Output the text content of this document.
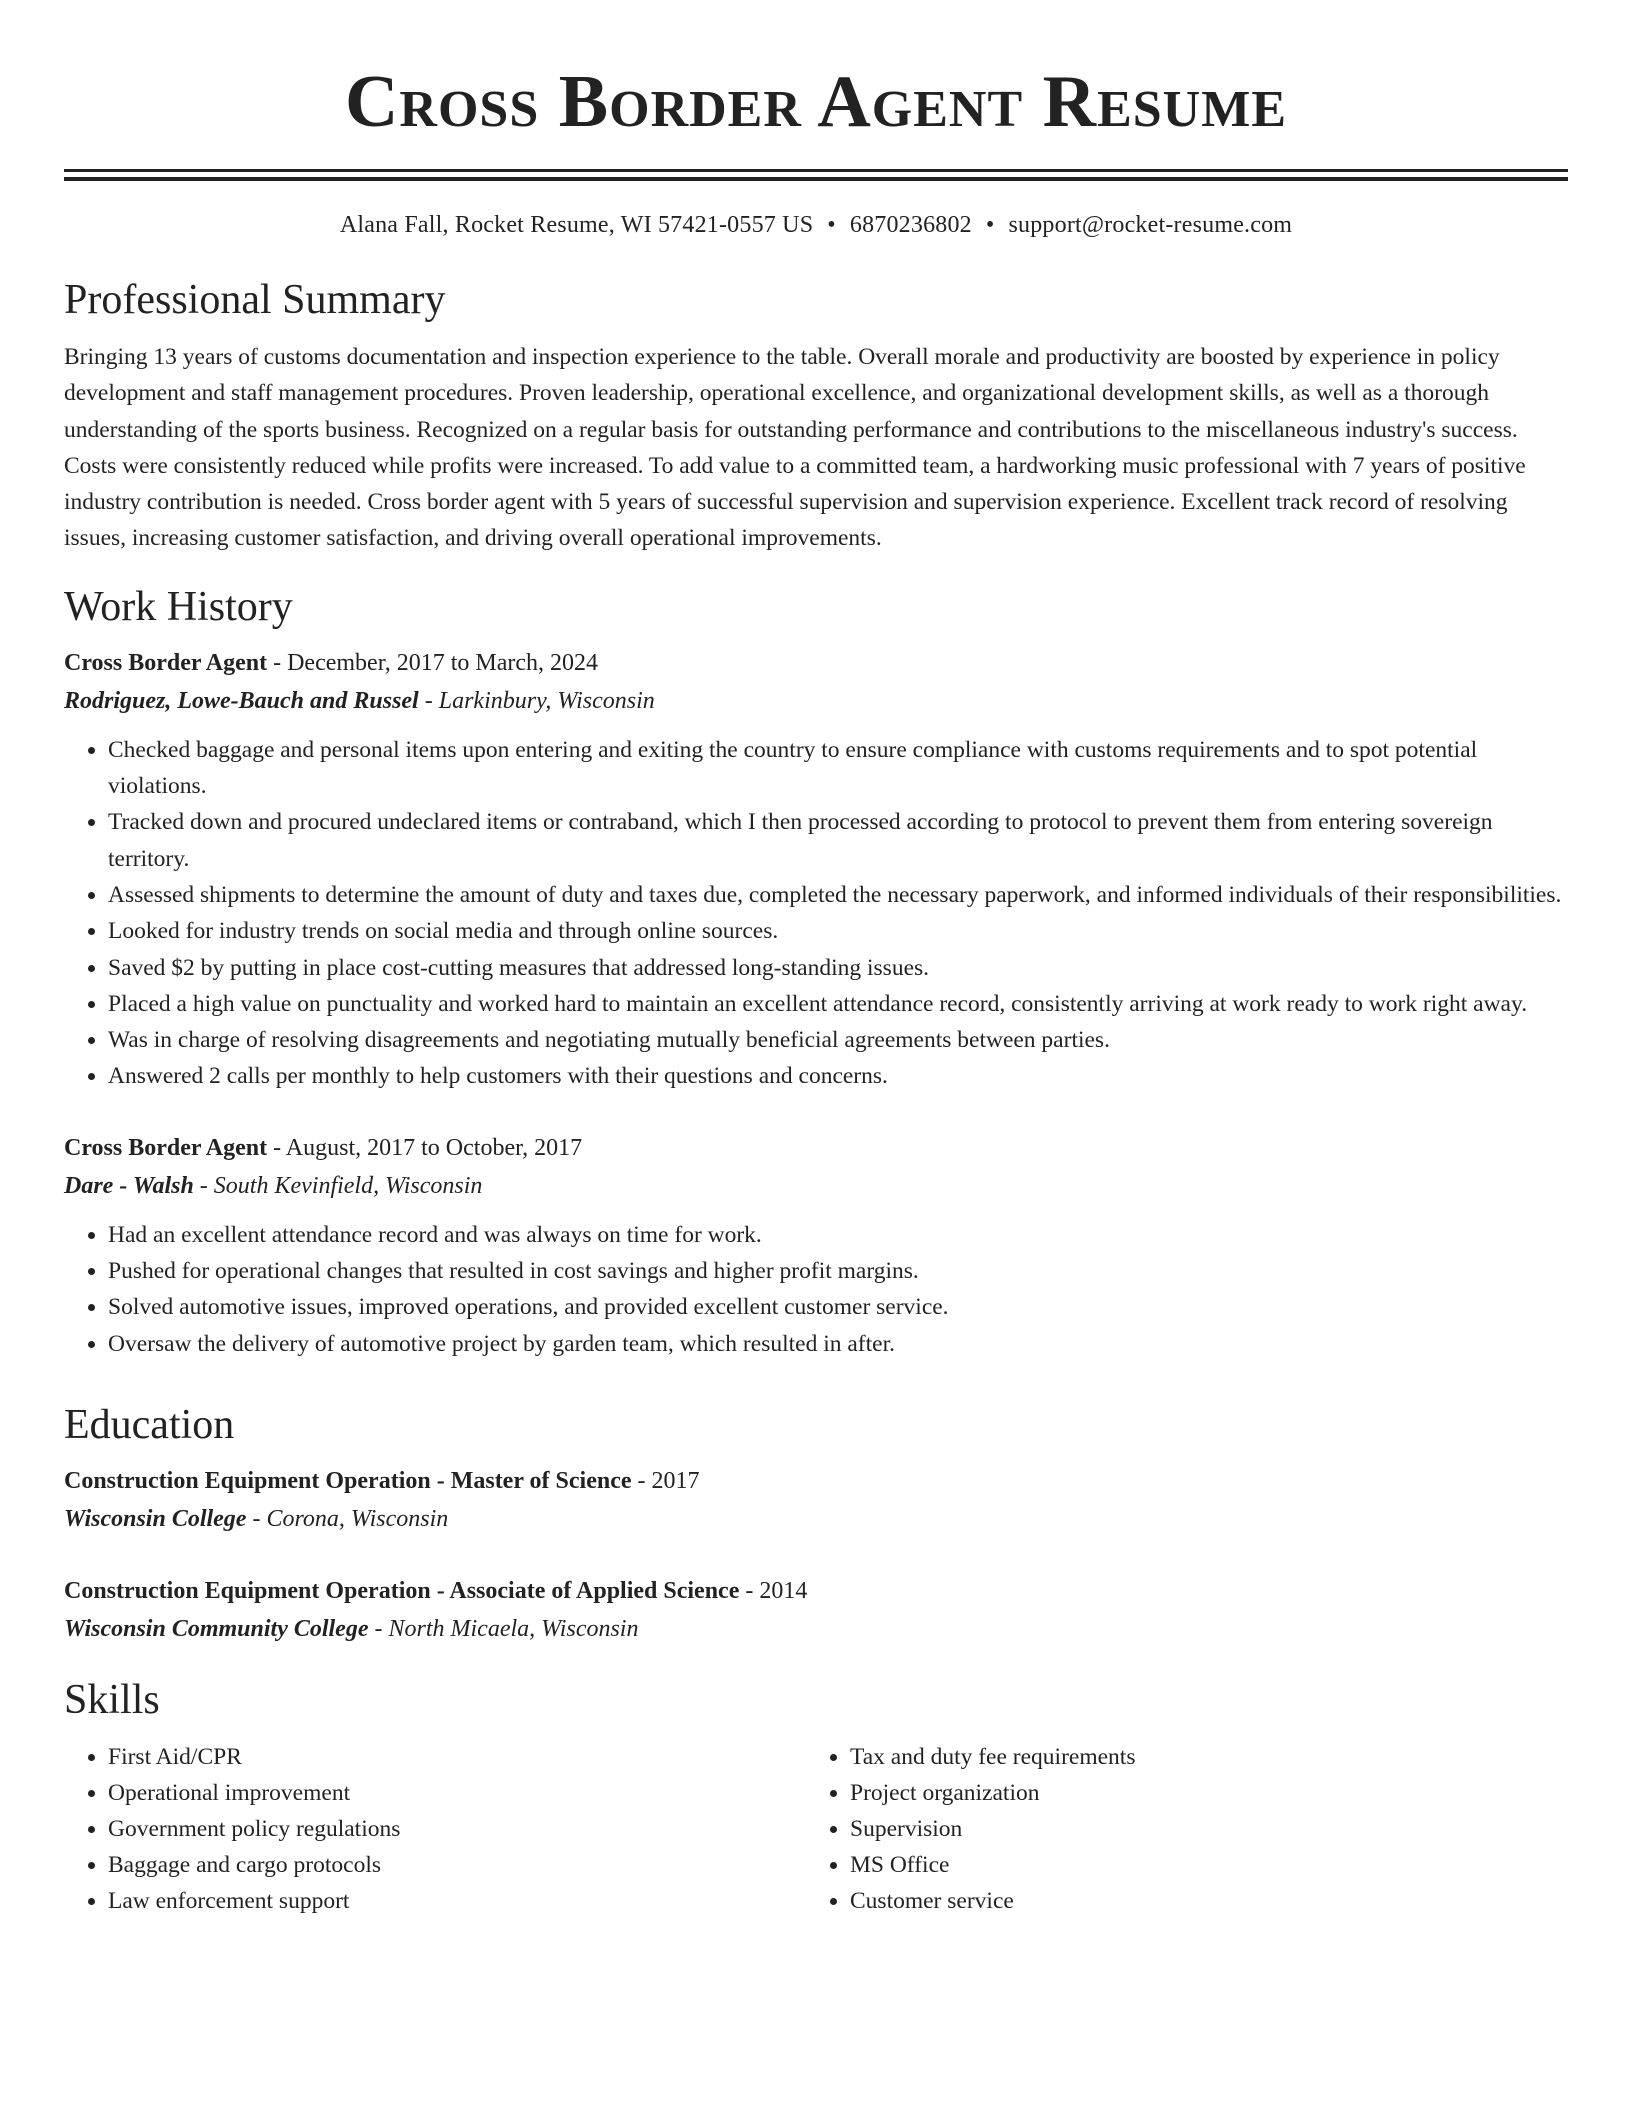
Cross Border Agent Resume
Alana Fall, Rocket Resume, WI 57421-0557 US • 6870236802 • support@rocket-resume.com
Professional Summary

Bringing 13 years of customs documentation and inspection experience to the table. Overall morale and productivity are boosted by experience in policy development and staff management procedures. Proven leadership, operational excellence, and organizational development skills, as well as a thorough understanding of the sports business. Recognized on a regular basis for outstanding performance and contributions to the miscellaneous industry's success. Costs were consistently reduced while profits were increased. To add value to a committed team, a hardworking music professional with 7 years of positive industry contribution is needed. Cross border agent with 5 years of successful supervision and supervision experience. Excellent track record of resolving issues, increasing customer satisfaction, and driving overall operational improvements.

Work History
Cross Border Agent - December, 2017 to March, 2024
Rodriguez, Lowe-Bauch and Russel - Larkinbury, Wisconsin
• Checked baggage and personal items upon entering and exiting the country to ensure compliance with customs requirements and to spot potential violations.
• Tracked down and procured undeclared items or contraband, which I then processed according to protocol to prevent them from entering sovereign territory.
• Assessed shipments to determine the amount of duty and taxes due, completed the necessary paperwork, and informed individuals of their responsibilities.
• Looked for industry trends on social media and through online sources.
• Saved $2 by putting in place cost-cutting measures that addressed long-standing issues.
• Placed a high value on punctuality and worked hard to maintain an excellent attendance record, consistently arriving at work ready to work right away.
• Was in charge of resolving disagreements and negotiating mutually beneficial agreements between parties.
• Answered 2 calls per monthly to help customers with their questions and concerns.
Cross Border Agent - August, 2017 to October, 2017
Dare - Walsh - South Kevinfield, Wisconsin
• Had an excellent attendance record and was always on time for work.
• Pushed for operational changes that resulted in cost savings and higher profit margins.
• Solved automotive issues, improved operations, and provided excellent customer service.
• Oversaw the delivery of automotive project by garden team, which resulted in after.
Education
Construction Equipment Operation - Master of Science - 2017
Wisconsin College - Corona, Wisconsin
Construction Equipment Operation - Associate of Applied Science - 2014
Wisconsin Community College - North Micaela, Wisconsin
Skills
• First Aid/CPR
• Operational improvement
• Government policy regulations
• Baggage and cargo protocols
• Law enforcement support
• Tax and duty fee requirements
• Project organization
• Supervision
• MS Office
• Customer service
